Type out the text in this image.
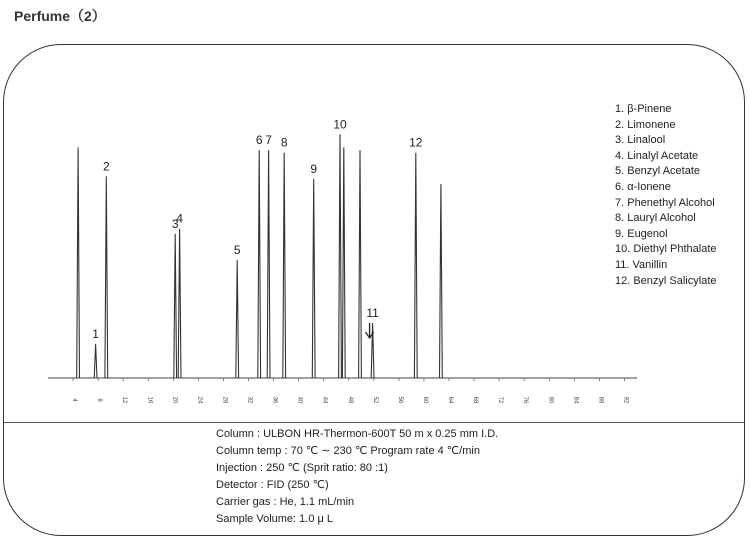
Perfume（2）
1
2
3
4
5
6 7 8
9
10
11
12
4	8	12	16	20	24	28	32	36	40	44	48	52	56	60	64	68	72	76	80	84	88	92
1. β-Pinene
2. Limonene
3. Linalool
4. Linalyl Acetate
5. Benzyl Acetate
6. α-Ionene
7. Phenethyl Alcohol
8. Lauryl Alcohol
9. Eugenol
10. Diethyl Phthalate
11. Vanillin
12. Benzyl Salicylate
Column : ULBON HR-Thermon-600T 50 m x 0.25 mm I.D.
Column temp : 70 ℃ ∼ 230 ℃ Program rate 4 ℃/min
Injection : 250 ℃ (Sprit ratio: 80 :1)
Detector : FID (250 ℃)
Carrier gas : He, 1.1 mL/min
Sample Volume: 1.0 μ L
